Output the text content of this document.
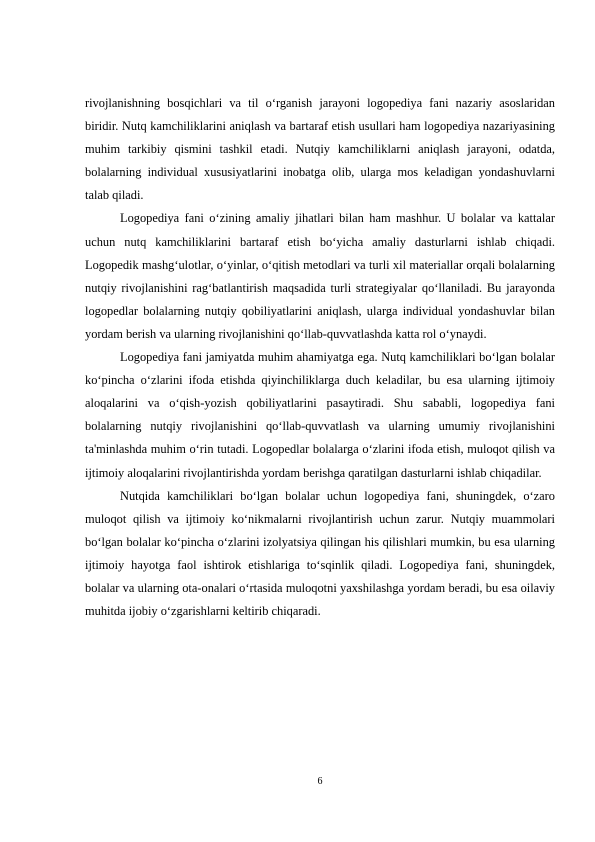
rivojlanishning bosqichlari va til o‘rganish jarayoni logopediya fani nazariy asoslaridan biridir. Nutq kamchiliklarini aniqlash va bartaraf etish usullari ham logopediya nazariyasining muhim tarkibiy qismini tashkil etadi. Nutqiy kamchiliklarni aniqlash jarayoni, odatda, bolalarning individual xususiyatlarini inobatga olib, ularga mos keladigan yondashuvlarni talab qiladi.

Logopediya fani o‘zining amaliy jihatlari bilan ham mashhur. U bolalar va kattalar uchun nutq kamchiliklarini bartaraf etish bo‘yicha amaliy dasturlarni ishlab chiqadi. Logopedik mashg‘ulotlar, o‘yinlar, o‘qitish metodlari va turli xil materiallar orqali bolalarning nutqiy rivojlanishini rag‘batlantirish maqsadida turli strategiyalar qo‘llaniladi. Bu jarayonda logopedlar bolalarning nutqiy qobiliyatlarini aniqlash, ularga individual yondashuvlar bilan yordam berish va ularning rivojlanishini qo‘llab-quvvatlashda katta rol o‘ynaydi.

Logopediya fani jamiyatda muhim ahamiyatga ega. Nutq kamchiliklari bo‘lgan bolalar ko‘pincha o‘zlarini ifoda etishda qiyinchiliklarga duch keladilar, bu esa ularning ijtimoiy aloqalarini va o‘qish-yozish qobiliyatlarini pasaytiradi. Shu sababli, logopediya fani bolalarning nutqiy rivojlanishini qo‘llab-quvvatlash va ularning umumiy rivojlanishini ta'minlashda muhim o‘rin tutadi. Logopedlar bolalarga o‘zlarini ifoda etish, muloqot qilish va ijtimoiy aloqalarini rivojlantirishda yordam berishga qaratilgan dasturlarni ishlab chiqadilar.

Nutqida kamchiliklari bo‘lgan bolalar uchun logopediya fani, shuningdek, o‘zaro muloqot qilish va ijtimoiy ko‘nikmalarni rivojlantirish uchun zarur. Nutqiy muammolari bo‘lgan bolalar ko‘pincha o‘zlarini izolyatsiya qilingan his qilishlari mumkin, bu esa ularning ijtimoiy hayotga faol ishtirok etishlariga to‘sqinlik qiladi. Logopediya fani, shuningdek, bolalar va ularning ota-onalari o‘rtasida muloqotni yaxshilashga yordam beradi, bu esa oilaviy muhitda ijobiy o‘zgarishlarni keltirib chiqaradi.

6
